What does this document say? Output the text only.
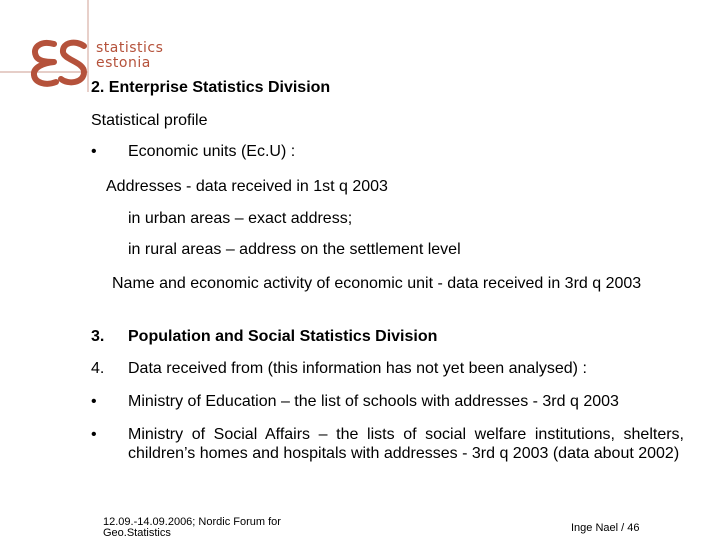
statistics
estonia
2. Enterprise Statistics Division
Statistical profile
• Economic units (Ec.U) :
Addresses - data received in 1st q 2003
in urban areas – exact address;
in rural areas – address on the settlement level
Name and economic activity of economic unit - data received in 3rd q 2003
3. Population and Social Statistics Division
4. Data received from (this information has not yet been analysed) :
• Ministry of Education – the list of schools with addresses - 3rd q 2003
• Ministry of Social Affairs – the lists of social welfare institutions, shelters, children’s homes and hospitals with addresses - 3rd q 2003 (data about 2002)
12.09.-14.09.2006; Nordic Forum for Geo.Statistics	Inge Nael / 46
